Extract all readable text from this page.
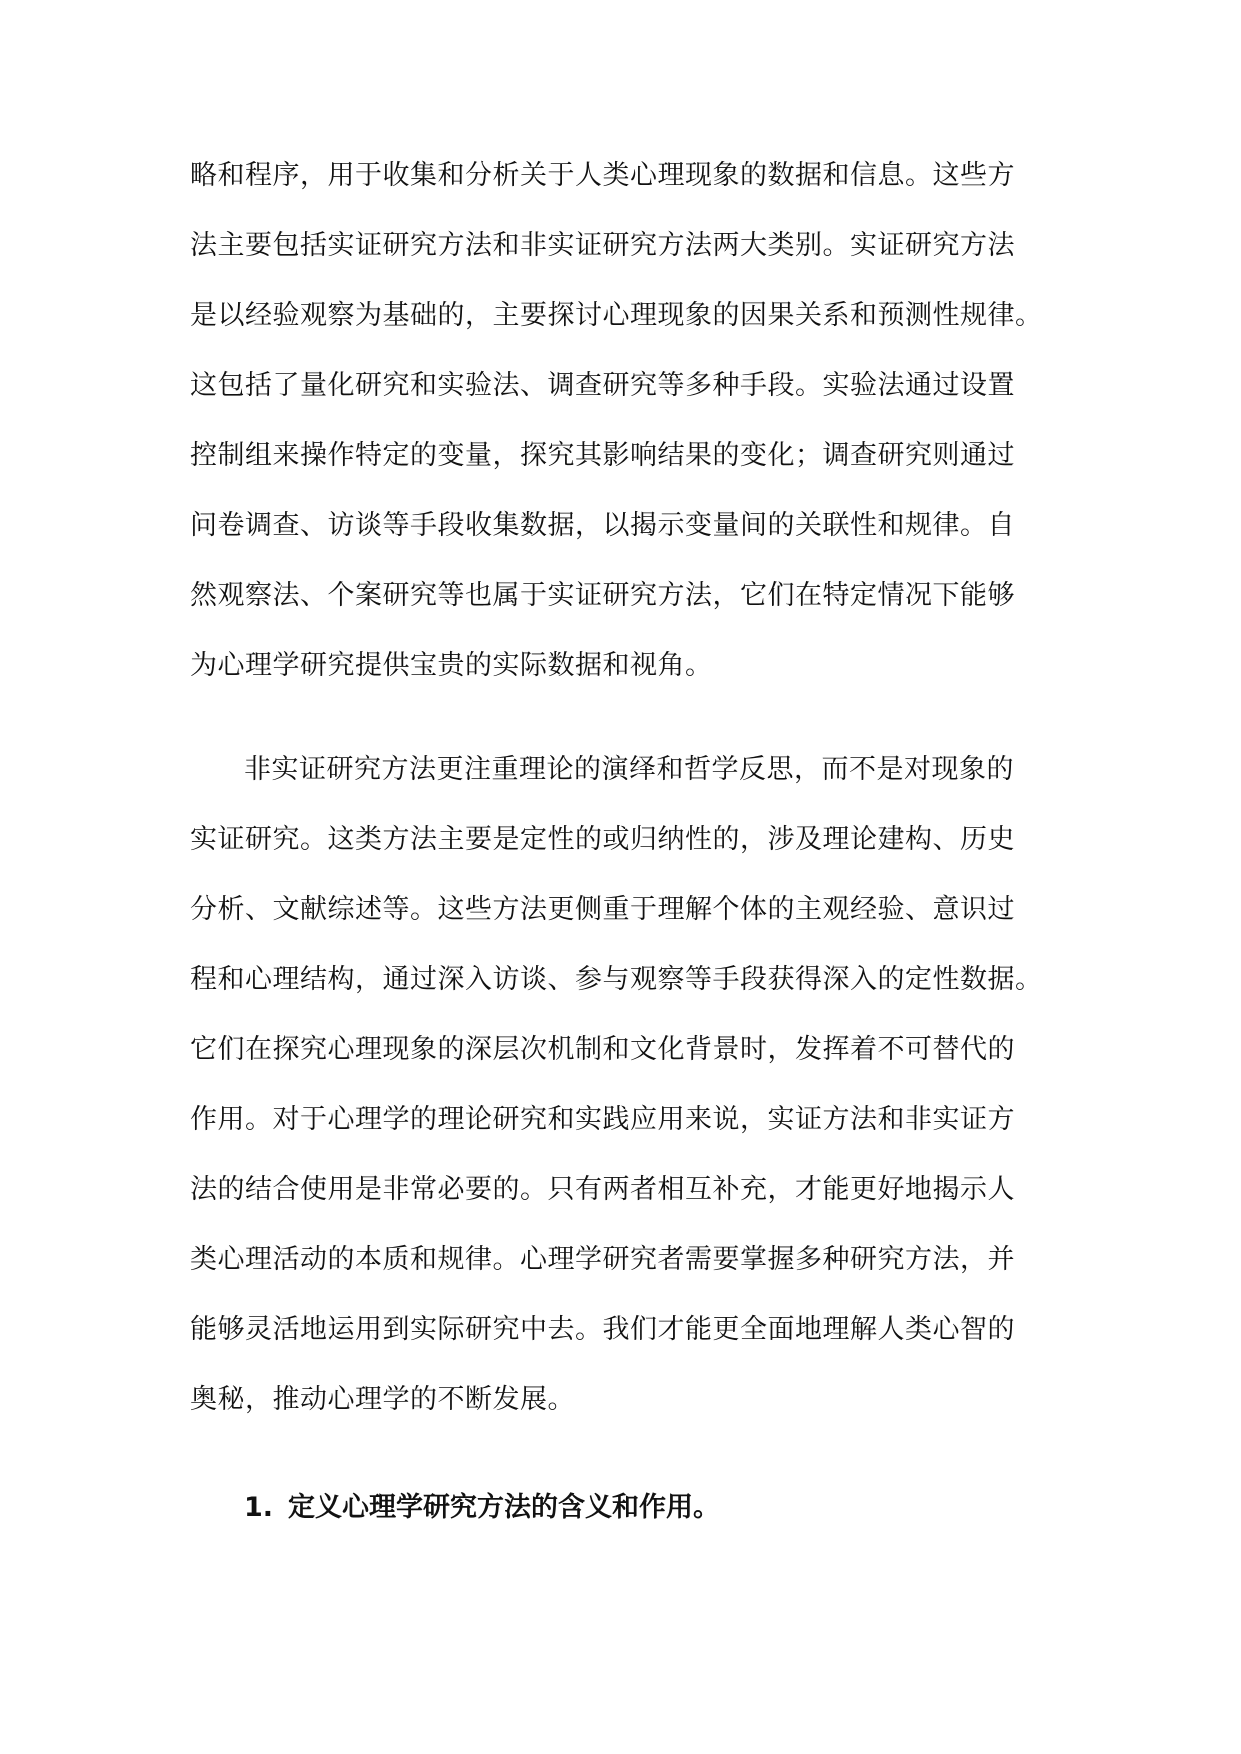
略和程序，用于收集和分析关于人类心理现象的数据和信息。这些方
法主要包括实证研究方法和非实证研究方法两大类别。实证研究方法
是以经验观察为基础的，主要探讨心理现象的因果关系和预测性规律。
这包括了量化研究和实验法、调查研究等多种手段。实验法通过设置
控制组来操作特定的变量，探究其影响结果的变化；调查研究则通过
问卷调查、访谈等手段收集数据，以揭示变量间的关联性和规律。自
然观察法、个案研究等也属于实证研究方法，它们在特定情况下能够
为心理学研究提供宝贵的实际数据和视角。
非实证研究方法更注重理论的演绎和哲学反思，而不是对现象的
实证研究。这类方法主要是定性的或归纳性的，涉及理论建构、历史
分析、文献综述等。这些方法更侧重于理解个体的主观经验、意识过
程和心理结构，通过深入访谈、参与观察等手段获得深入的定性数据。
它们在探究心理现象的深层次机制和文化背景时，发挥着不可替代的
作用。对于心理学的理论研究和实践应用来说，实证方法和非实证方
法的结合使用是非常必要的。只有两者相互补充，才能更好地揭示人
类心理活动的本质和规律。心理学研究者需要掌握多种研究方法，并
能够灵活地运用到实际研究中去。我们才能更全面地理解人类心智的
奥秘，推动心理学的不断发展。
1. 定义心理学研究方法的含义和作用。
